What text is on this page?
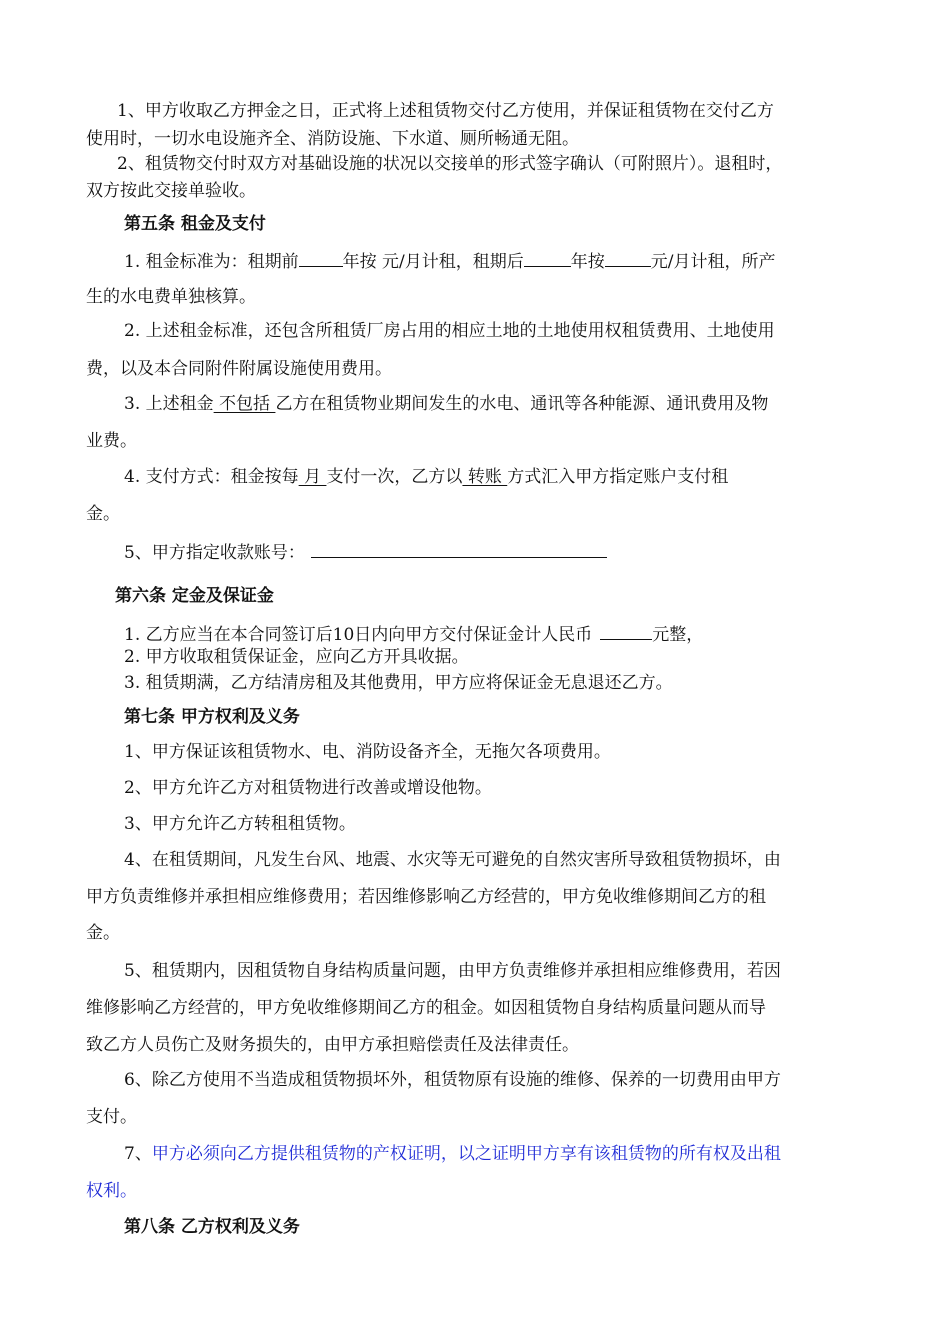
1、甲方收取乙方押金之日，正式将上述租赁物交付乙方使用，并保证租赁物在交付乙方
使用时，一切水电设施齐全、消防设施、下水道、厕所畅通无阻。
2、租赁物交付时双方对基础设施的状况以交接单的形式签字确认（可附照片）。退租时，
双方按此交接单验收。
第五条 租金及支付
1. 租金标准为：租期前	年按 元/月计租，租期后	年按	元/月计租，所产
生的水电费单独核算。
2. 上述租金标准，还包含所租赁厂房占用的相应土地的土地使用权租赁费用、土地使用
费，以及本合同附件附属设施使用费用。
3. 上述租金 不包括 乙方在租赁物业期间发生的水电、通讯等各种能源、通讯费用及物
业费。
4. 支付方式：租金按每 月 支付一次，乙方以 转账 方式汇入甲方指定账户支付租
金。
5、甲方指定收款账号：
第六条 定金及保证金
1. 乙方应当在本合同签订后10日内向甲方交付保证金计人民币	元整，
2. 甲方收取租赁保证金，应向乙方开具收据。
3. 租赁期满，乙方结清房租及其他费用，甲方应将保证金无息退还乙方。
第七条 甲方权利及义务
1、甲方保证该租赁物水、电、消防设备齐全，无拖欠各项费用。
2、甲方允许乙方对租赁物进行改善或增设他物。
3、甲方允许乙方转租租赁物。
4、在租赁期间，凡发生台风、地震、水灾等无可避免的自然灾害所导致租赁物损坏，由
甲方负责维修并承担相应维修费用；若因维修影响乙方经营的，甲方免收维修期间乙方的租
金。
5、租赁期内，因租赁物自身结构质量问题，由甲方负责维修并承担相应维修费用，若因
维修影响乙方经营的，甲方免收维修期间乙方的租金。如因租赁物自身结构质量问题从而导
致乙方人员伤亡及财务损失的，由甲方承担赔偿责任及法律责任。
6、除乙方使用不当造成租赁物损坏外，租赁物原有设施的维修、保养的一切费用由甲方
支付。
7、甲方必须向乙方提供租赁物的产权证明，以之证明甲方享有该租赁物的所有权及出租
权利。
第八条 乙方权利及义务
